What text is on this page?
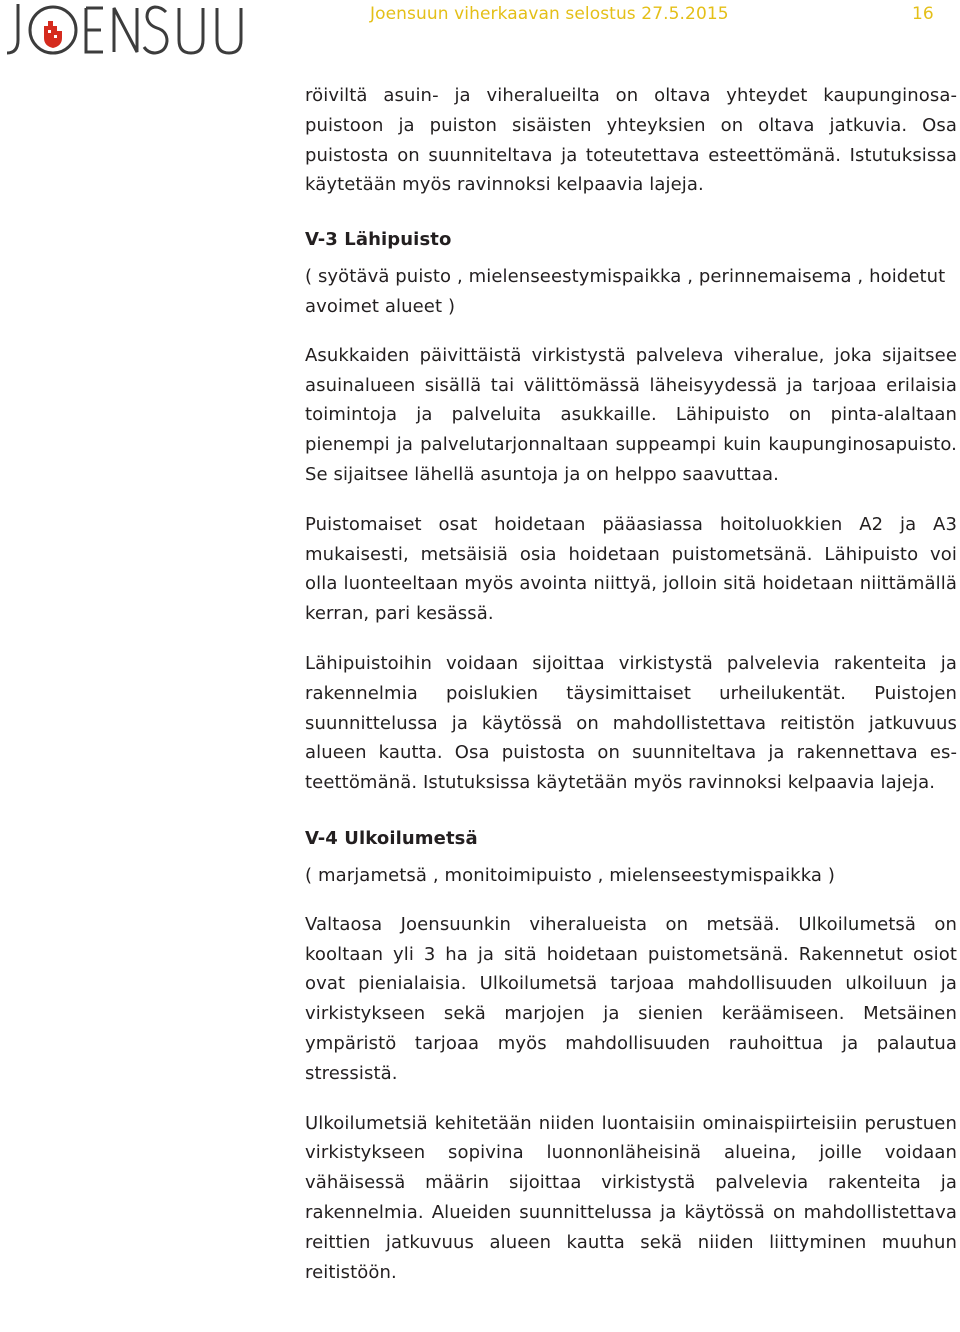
Joensuun viherkaavan selostus 27.5.2015	16

röiviltä asuin- ja viheralueilta on oltava yhteydet kaupunginosapuistoon ja puiston sisäisten yhteyksien on oltava jatkuvia. Osa puistosta on suunniteltava ja toteutettava esteettömänä. Istutuksissa käytetään myös ravinnoksi kelpaavia lajeja.

V-3 Lähipuisto

( syötävä puisto , mielenseestymispaikka , perinnemaisema , hoidetut avoimet alueet )

Asukkaiden päivittäistä virkistystä palveleva viheralue, joka sijaitsee asuinalueen sisällä tai välittömässä läheisyydessä ja tarjoaa erilaisia toimintoja ja palveluita asukkaille. Lähipuisto on pinta-alaltaan pienempi ja palvelutarjonnaltaan suppeampi kuin kaupunginosapuisto. Se sijaitsee lähellä asuntoja ja on helppo saavuttaa.

Puistomaiset osat hoidetaan pääasiassa hoitoluokkien A2 ja A3 mukaisesti, metsäisiä osia hoidetaan puistometsänä. Lähipuisto voi olla luonteeltaan myös avointa niittyä, jolloin sitä hoidetaan niittämällä kerran, pari kesässä.

Lähipuistoihin voidaan sijoittaa virkistystä palvelevia rakenteita ja rakennelmia poislukien täysimittaiset urheilukentät. Puistojen suunnittelussa ja käytössä on mahdollistettava reitistön jatkuvuus alueen kautta. Osa puistosta on suunniteltava ja rakennettava esteettömänä. Istutuksissa käytetään myös ravinnoksi kelpaavia lajeja.

V-4 Ulkoilumetsä

( marjametsä , monitoimipuisto , mielenseestymispaikka )

Valtaosa Joensuunkin viheralueista on metsää. Ulkoilumetsä on kooltaan yli 3 ha ja sitä hoidetaan puistometsänä. Rakennetut osiot ovat pienialaisia. Ulkoilumetsä tarjoaa mahdollisuuden ulkoiluun ja virkistykseen sekä marjojen ja sienien keräämiseen. Metsäinen ympäristö tarjoaa myös mahdollisuuden rauhoittua ja palautua stressistä.

Ulkoilumetsiä kehitetään niiden luontaisiin ominaispiirteisiin perustuen virkistykseen sopivina luonnonläheisinä alueina, joille voidaan vähäisessä määrin sijoittaa virkistystä palvelevia rakenteita ja rakennelmia. Alueiden suunnittelussa ja käytössä on mahdollistettava reittien jatkuvuus alueen kautta sekä niiden liittyminen muuhun reitistöön.
